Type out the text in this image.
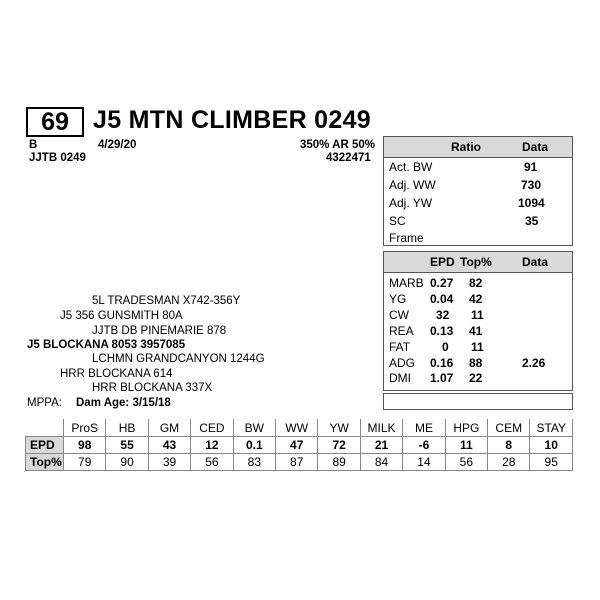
69 J5 MTN CLIMBER 0249
B	4/29/20
JJTB 0249
350% AR 50%
4322471
5L TRADESMAN X742-356Y
J5 356 GUNSMITH 80A
JJTB DB PINEMARIE 878
J5 BLOCKANA 8053 3957085
LCHMN GRANDCANYON 1244G
HRR BLOCKANA 614
HRR BLOCKANA 337X
MPPA: Dam Age: 3/15/18
Ratio	Data
Act. BW	91
Adj. WW	730
Adj. YW	1094
SC	35
Frame
EPD Top%	Data
MARB 0.27 82
YG 0.04 42
CW 32 11
REA 0.13 41
FAT	0 11
ADG 0.16 88	2.26
DMI 1.07 22
	ProS	HB	GM	CED	BW	WW	YW	MILK	ME	HPG	CEM	STAY
EPD	98	55	43	12	0.1	47	72	21	-6	11	8	10
Top%	79	90	39	56	83	87	89	84	14	56	28	95
